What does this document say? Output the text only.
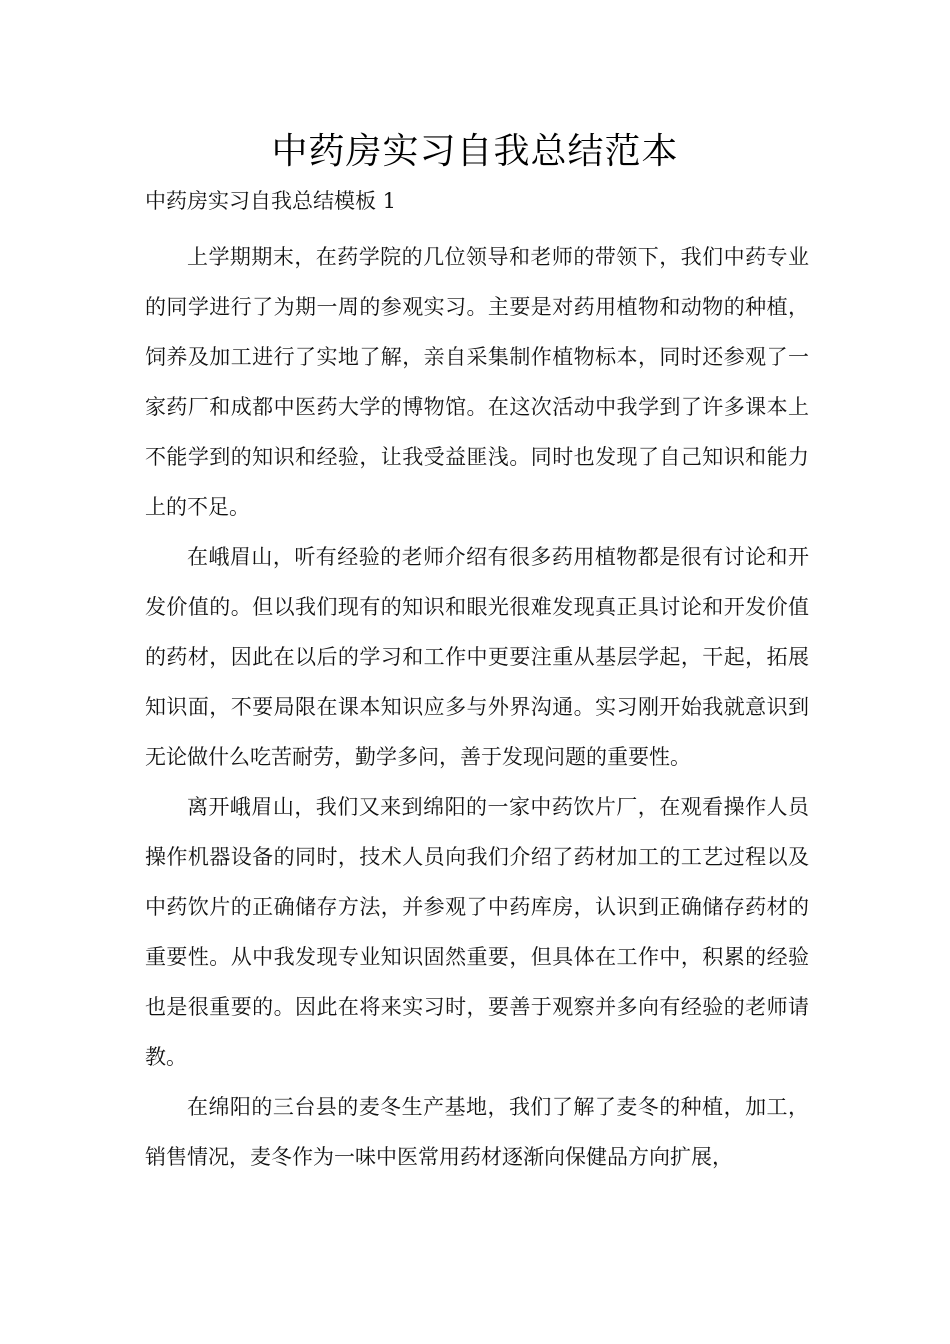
中药房实习自我总结范本

中药房实习自我总结模板 1

上学期期末，在药学院的几位领导和老师的带领下，我们中药专业的同学进行了为期一周的参观实习。主要是对药用植物和动物的种植，饲养及加工进行了实地了解，亲自采集制作植物标本，同时还参观了一家药厂和成都中医药大学的博物馆。在这次活动中我学到了许多课本上不能学到的知识和经验，让我受益匪浅。同时也发现了自己知识和能力上的不足。

在峨眉山，听有经验的老师介绍有很多药用植物都是很有讨论和开发价值的。但以我们现有的知识和眼光很难发现真正具讨论和开发价值的药材，因此在以后的学习和工作中更要注重从基层学起，干起，拓展知识面，不要局限在课本知识应多与外界沟通。实习刚开始我就意识到无论做什么吃苦耐劳，勤学多问，善于发现问题的重要性。

离开峨眉山，我们又来到绵阳的一家中药饮片厂，在观看操作人员操作机器设备的同时，技术人员向我们介绍了药材加工的工艺过程以及中药饮片的正确储存方法，并参观了中药库房，认识到正确储存药材的重要性。从中我发现专业知识固然重要，但具体在工作中，积累的经验也是很重要的。因此在将来实习时，要善于观察并多向有经验的老师请教。

在绵阳的三台县的麦冬生产基地，我们了解了麦冬的种植，加工，销售情况，麦冬作为一味中医常用药材逐渐向保健品方向扩展，
